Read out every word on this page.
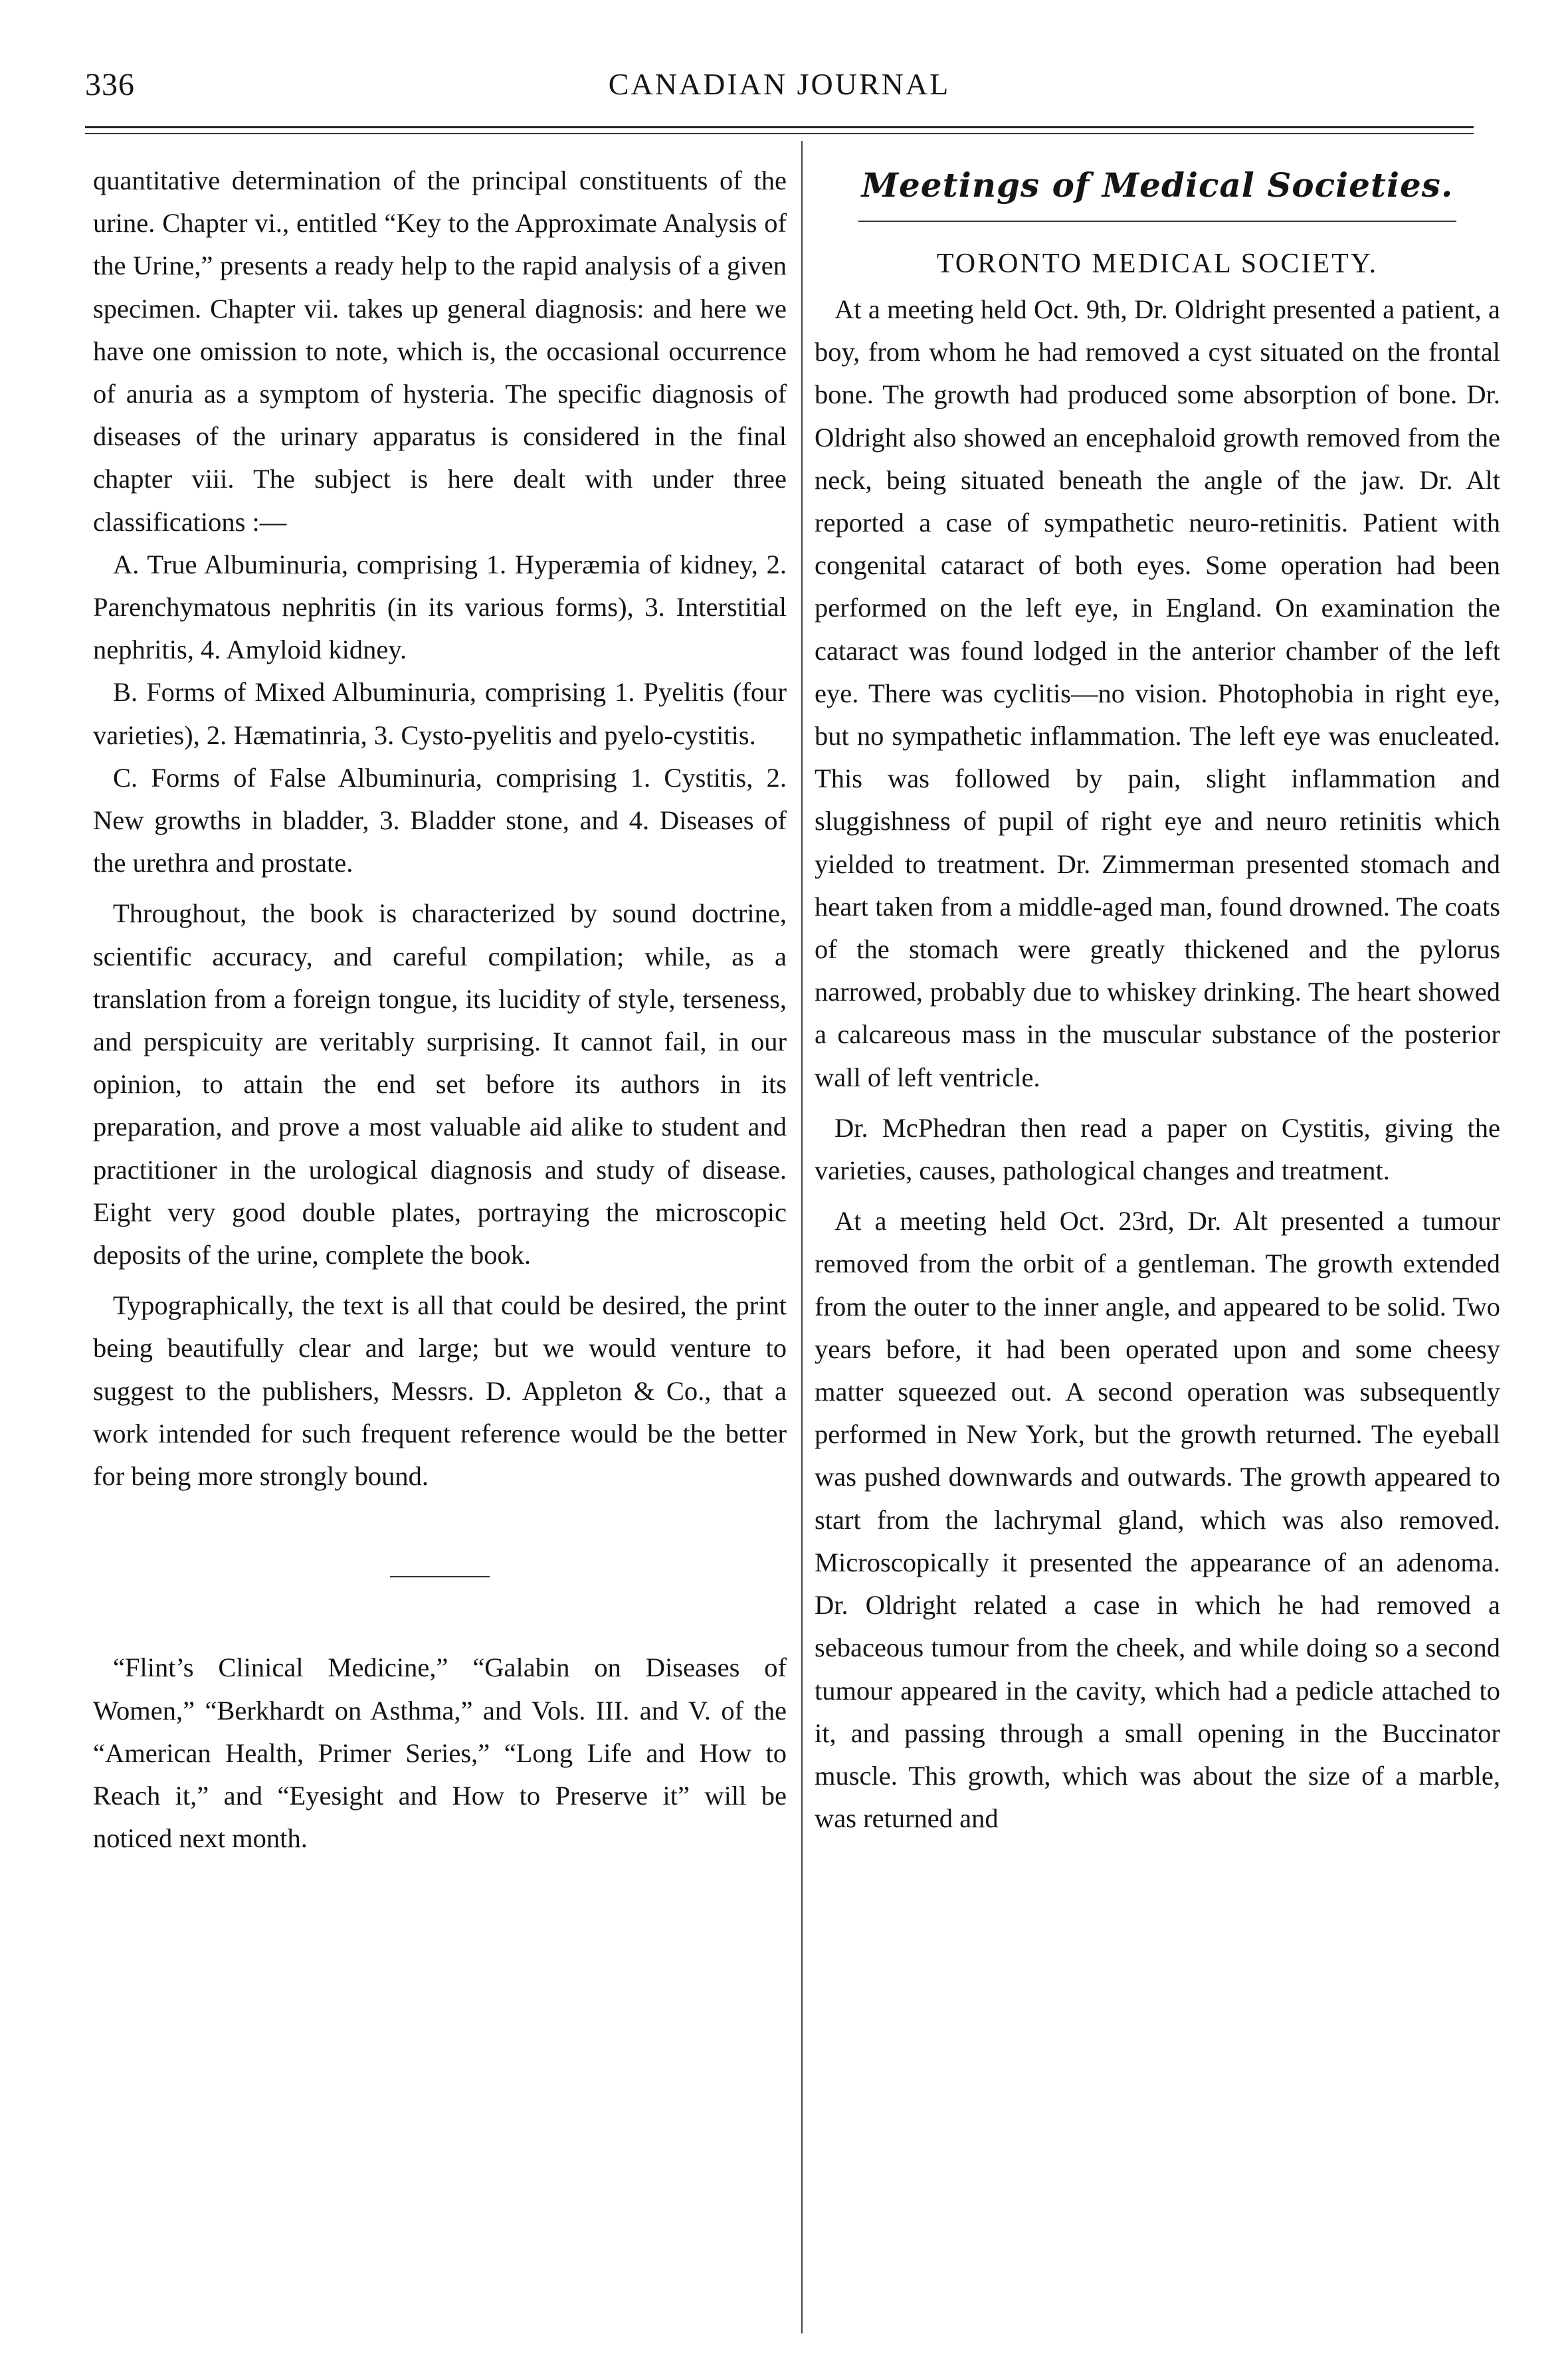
CANADIAN JOURNAL
336

quantitative determination of the principal constituents of the urine. Chapter vi., entitled “Key to the Approximate Analysis of the Urine,” presents a ready help to the rapid analysis of a given specimen. Chapter vii. takes up general diagnosis: and here we have one omission to note, which is, the occasional occurrence of anuria as a symptom of hysteria. The specific diagnosis of diseases of the urinary apparatus is considered in the final chapter viii. The subject is here dealt with under three classifications :—

A. True Albuminuria, comprising 1. Hyperæmia of kidney, 2. Parenchymatous nephritis (in its various forms), 3. Interstitial nephritis, 4. Amyloid kidney.

B. Forms of Mixed Albuminuria, comprising 1. Pyelitis (four varieties), 2. Hæmatinria, 3. Cysto-pyelitis and pyelo-cystitis.

C. Forms of False Albuminuria, comprising 1. Cystitis, 2. New growths in bladder, 3. Bladder stone, and 4. Diseases of the urethra and prostate.

Throughout, the book is characterized by sound doctrine, scientific accuracy, and careful compilation; while, as a translation from a foreign tongue, its lucidity of style, terseness, and perspicuity are veritably surprising. It cannot fail, in our opinion, to attain the end set before its authors in its preparation, and prove a most valuable aid alike to student and practitioner in the urological diagnosis and study of disease. Eight very good double plates, portraying the microscopic deposits of the urine, complete the book.

Typographically, the text is all that could be desired, the print being beautifully clear and large; but we would venture to suggest to the publishers, Messrs. D. Appleton & Co., that a work intended for such frequent reference would be the better for being more strongly bound.

“Flint’s Clinical Medicine,” “Galabin on Diseases of Women,” “Berkhardt on Asthma,” and Vols. III. and V. of the “American Health, Primer Series,” “Long Life and How to Reach it,” and “Eyesight and How to Preserve it” will be noticed next month.

Meetings of Medical Societies.
TORONTO MEDICAL SOCIETY.

At a meeting held Oct. 9th, Dr. Oldright presented a patient, a boy, from whom he had removed a cyst situated on the frontal bone. The growth had produced some absorption of bone. Dr. Oldright also showed an encephaloid growth removed from the neck, being situated beneath the angle of the jaw. Dr. Alt reported a case of sympathetic neuro-retinitis. Patient with congenital cataract of both eyes. Some operation had been performed on the left eye, in England. On examination the cataract was found lodged in the anterior chamber of the left eye. There was cyclitis—no vision. Photophobia in right eye, but no sympathetic inflammation. The left eye was enucleated. This was followed by pain, slight inflammation and sluggishness of pupil of right eye and neuro retinitis which yielded to treatment. Dr. Zimmerman presented stomach and heart taken from a middle-aged man, found drowned. The coats of the stomach were greatly thickened and the pylorus narrowed, probably due to whiskey drinking. The heart showed a calcareous mass in the muscular substance of the posterior wall of left ventricle.

Dr. McPhedran then read a paper on Cystitis, giving the varieties, causes, pathological changes and treatment.

At a meeting held Oct. 23rd, Dr. Alt presented a tumour removed from the orbit of a gentleman. The growth extended from the outer to the inner angle, and appeared to be solid. Two years before, it had been operated upon and some cheesy matter squeezed out. A second operation was subsequently performed in New York, but the growth returned. The eyeball was pushed downwards and outwards. The growth appeared to start from the lachrymal gland, which was also removed. Microscopically it presented the appearance of an adenoma. Dr. Oldright related a case in which he had removed a sebaceous tumour from the cheek, and while doing so a second tumour appeared in the cavity, which had a pedicle attached to it, and passing through a small opening in the Buccinator muscle. This growth, which was about the size of a marble, was returned and
